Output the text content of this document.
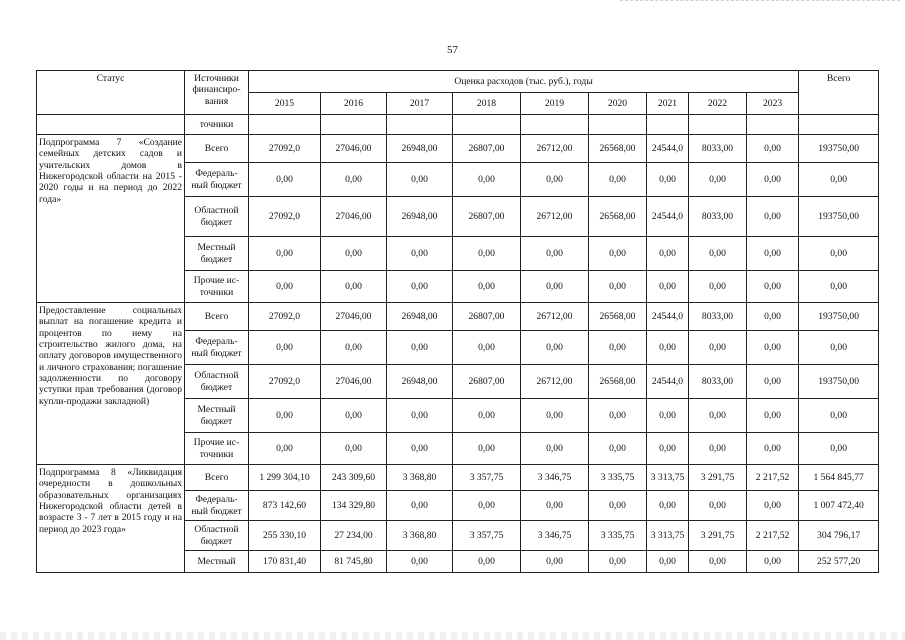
57
Статус	Источники финансиро-вания	Оценка расходов (тыс. руб.), годы									Всего
		2015	2016	2017	2018	2019	2020	2021	2022	2023	
	точники										
Подпрограмма 7 «Создание семейных детских садов и учительских домов в Нижегородской области на 2015 - 2020 годы и на период до 2022 года»	Всего	27092,0	27046,00	26948,00	26807,00	26712,00	26568,00	24544,0	8033,00	0,00	193750,00
	Федераль-ный бюджет	0,00	0,00	0,00	0,00	0,00	0,00	0,00	0,00	0,00	0,00
	Областной бюджет	27092,0	27046,00	26948,00	26807,00	26712,00	26568,00	24544,0	8033,00	0,00	193750,00
	Местный бюджет	0,00	0,00	0,00	0,00	0,00	0,00	0,00	0,00	0,00	0,00
	Прочие ис-точники	0,00	0,00	0,00	0,00	0,00	0,00	0,00	0,00	0,00	0,00
Предоставление социальных выплат на погашение кредита и процентов по нему на строительство жилого дома, на оплату договоров имущественного и личного страхования; погашение задолженности по договору уступки прав требования (договор купли-продажи закладной)	Всего	27092,0	27046,00	26948,00	26807,00	26712,00	26568,00	24544,0	8033,00	0,00	193750,00
	Федераль-ный бюджет	0,00	0,00	0,00	0,00	0,00	0,00	0,00	0,00	0,00	0,00
	Областной бюджет	27092,0	27046,00	26948,00	26807,00	26712,00	26568,00	24544,0	8033,00	0,00	193750,00
	Местный бюджет	0,00	0,00	0,00	0,00	0,00	0,00	0,00	0,00	0,00	0,00
	Прочие ис-точники	0,00	0,00	0,00	0,00	0,00	0,00	0,00	0,00	0,00	0,00
Подпрограмма 8 «Ликвидация очередности в дошкольных образовательных организациях Нижегородской области детей в возрасте 3 - 7 лет в 2015 году и на период до 2023 года»	Всего	1 299 304,10	243 309,60	3 368,80	3 357,75	3 346,75	3 335,75	3 313,75	3 291,75	2 217,52	1 564 845,77
	Федераль-ный бюджет	873 142,60	134 329,80	0,00	0,00	0,00	0,00	0,00	0,00	0,00	1 007 472,40
	Областной бюджет	255 330,10	27 234,00	3 368,80	3 357,75	3 346,75	3 335,75	3 313,75	3 291,75	2 217,52	304 796,17
	Местный	170 831,40	81 745,80	0,00	0,00	0,00	0,00	0,00	0,00	0,00	252 577,20
